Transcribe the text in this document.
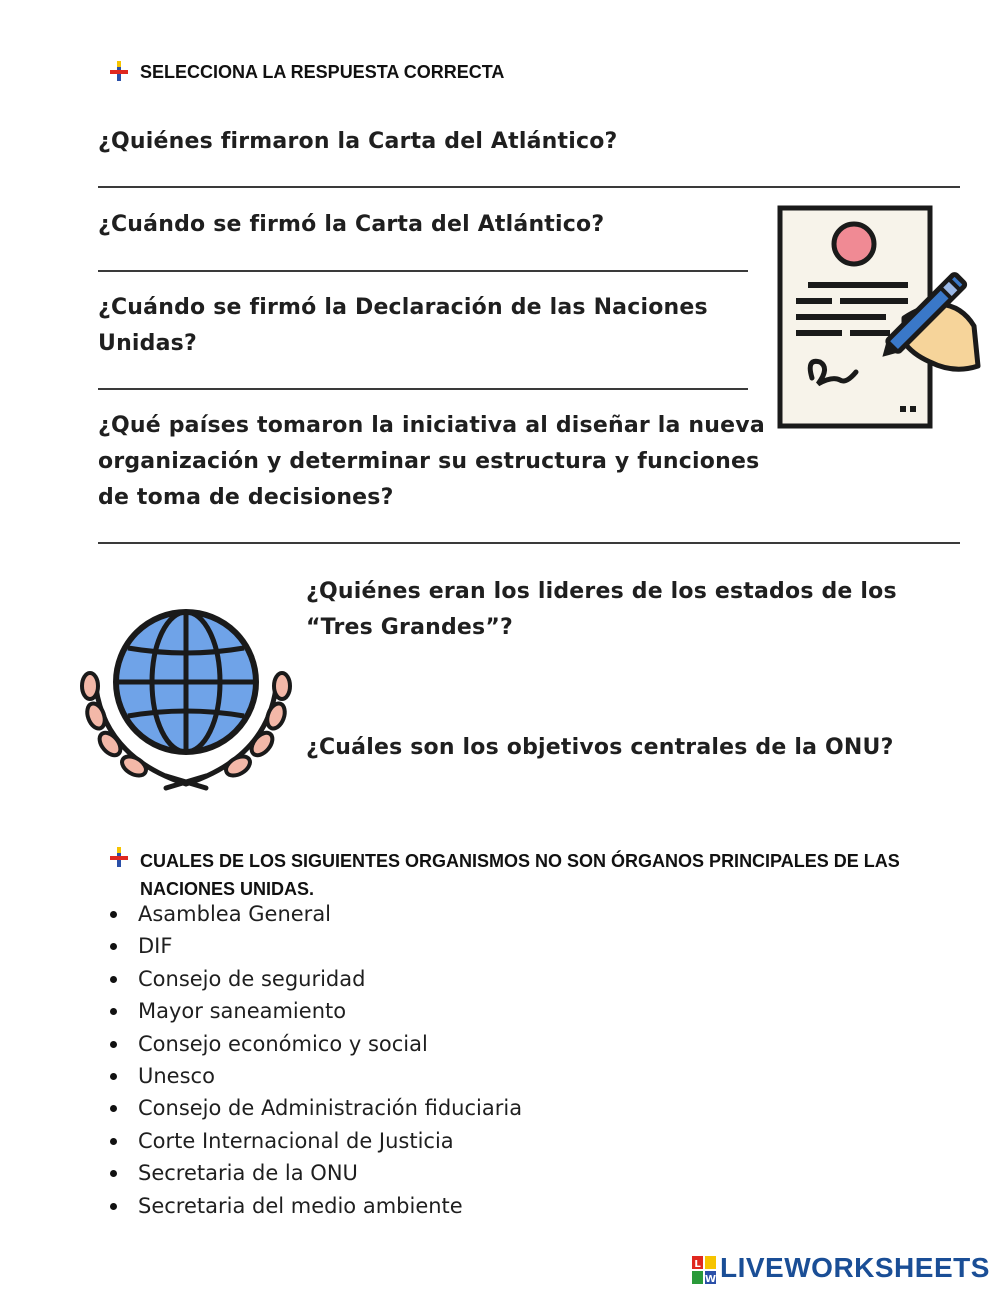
SELECCIONA LA RESPUESTA CORRECTA
¿Quiénes firmaron la Carta del Atlántico?
¿Cuándo se firmó la Carta del Atlántico?
¿Cuándo se firmó la Declaración de las Naciones Unidas?
¿Qué países tomaron la iniciativa al diseñar la nueva organización y determinar su estructura y funciones de toma de decisiones?
¿Quiénes eran los lideres de los estados de los “Tres Grandes”?
¿Cuáles son los objetivos centrales de la ONU?
CUALES DE LOS SIGUIENTES ORGANISMOS NO SON ÓRGANOS PRINCIPALES DE LAS NACIONES UNIDAS.
Asamblea General
DIF
Consejo de seguridad
Mayor saneamiento
Consejo económico y social
Unesco
Consejo de Administración fiduciaria
Corte Internacional de Justicia
Secretaria de la ONU
Secretaria del medio ambiente
L
W LIVEWORKSHEETS
